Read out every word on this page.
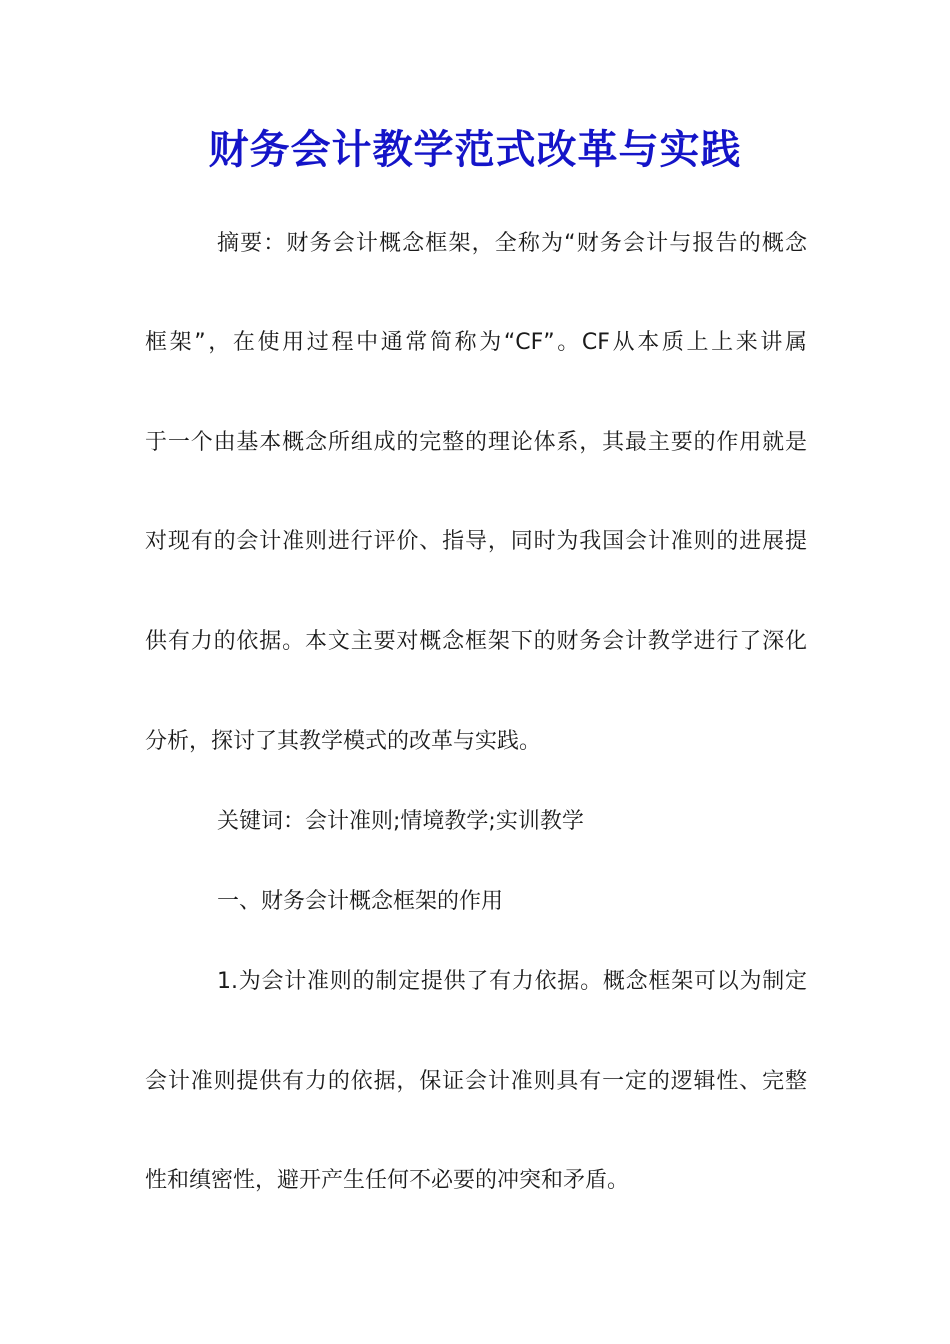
财务会计教学范式改革与实践
摘要：财务会计概念框架，全称为“财务会计与报告的概念
框架”，在使用过程中通常简称为“CF”。CF从本质上上来讲属
于一个由基本概念所组成的完整的理论体系，其最主要的作用就是
对现有的会计准则进行评价、指导，同时为我国会计准则的进展提
供有力的依据。本文主要对概念框架下的财务会计教学进行了深化
分析，探讨了其教学模式的改革与实践。
关键词：会计准则;情境教学;实训教学
一、财务会计概念框架的作用
1.为会计准则的制定提供了有力依据。概念框架可以为制定
会计准则提供有力的依据，保证会计准则具有一定的逻辑性、完整
性和缜密性，避开产生任何不必要的冲突和矛盾。
